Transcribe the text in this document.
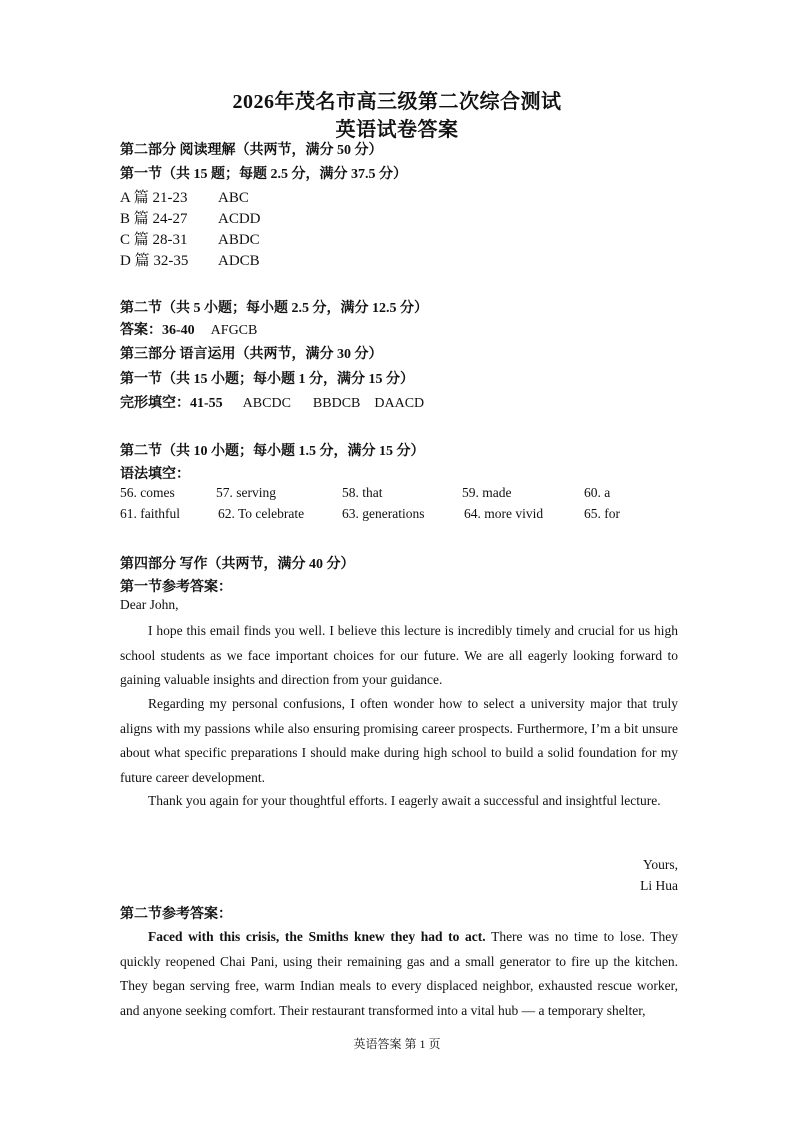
2026年茂名市高三级第二次综合测试
英语试卷答案
第二部分 阅读理解（共两节，满分 50 分）
第一节（共 15 题；每题 2.5 分，满分 37.5 分）
A 篇 21-23 ABC
B 篇 24-27 ACDD
C 篇 28-31 ABDC
D 篇 32-35 ADCB
第二节（共 5 小题；每小题 2.5 分，满分 12.5 分）
答案：36-40 AFGCB
第三部分 语言运用（共两节，满分 30 分）
第一节（共 15 小题；每小题 1 分，满分 15 分）
完形填空：41-55 ABCDC BBDCB DAACD
第二节（共 10 小题；每小题 1.5 分，满分 15 分）
语法填空：
56. comes	57. serving	58. that	59. made	60. a
61. faithful	62. To celebrate	63. generations	64. more vivid	65. for
第四部分 写作（共两节，满分 40 分）
第一节参考答案：
Dear John,
I hope this email finds you well. I believe this lecture is incredibly timely and crucial for us high school students as we face important choices for our future. We are all eagerly looking forward to gaining valuable insights and direction from your guidance.
Regarding my personal confusions, I often wonder how to select a university major that truly aligns with my passions while also ensuring promising career prospects. Furthermore, I’m a bit unsure about what specific preparations I should make during high school to build a solid foundation for my future career development.
Thank you again for your thoughtful efforts. I eagerly await a successful and insightful lecture.
Yours,
Li Hua
第二节参考答案：
Faced with this crisis, the Smiths knew they had to act. There was no time to lose. They quickly reopened Chai Pani, using their remaining gas and a small generator to fire up the kitchen. They began serving free, warm Indian meals to every displaced neighbor, exhausted rescue worker, and anyone seeking comfort. Their restaurant transformed into a vital hub — a temporary shelter,
英语答案 第 1 页
